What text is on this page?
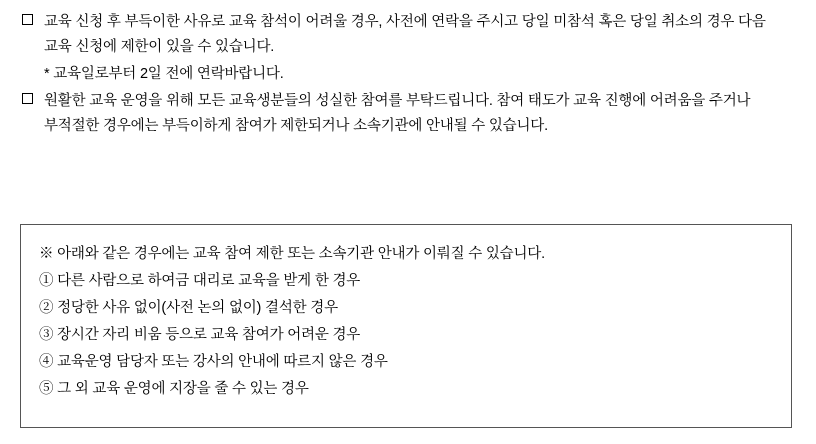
교육 신청 후 부득이한 사유로 교육 참석이 어려울 경우, 사전에 연락을 주시고 당일 미참석 혹은 당일 취소의 경우 다음 교육 신청에 제한이 있을 수 있습니다.
* 교육일로부터 2일 전에 연락바랍니다.
원활한 교육 운영을 위해 모든 교육생분들의 성실한 참여를 부탁드립니다. 참여 태도가 교육 진행에 어려움을 주거나 부적절한 경우에는 부득이하게 참여가 제한되거나 소속기관에 안내될 수 있습니다.
※ 아래와 같은 경우에는 교육 참여 제한 또는 소속기관 안내가 이뤄질 수 있습니다.
① 다른 사람으로 하여금 대리로 교육을 받게 한 경우
② 정당한 사유 없이(사전 논의 없이) 결석한 경우
③ 장시간 자리 비움 등으로 교육 참여가 어려운 경우
④ 교육운영 담당자 또는 강사의 안내에 따르지 않은 경우
⑤ 그 외 교육 운영에 지장을 줄 수 있는 경우
